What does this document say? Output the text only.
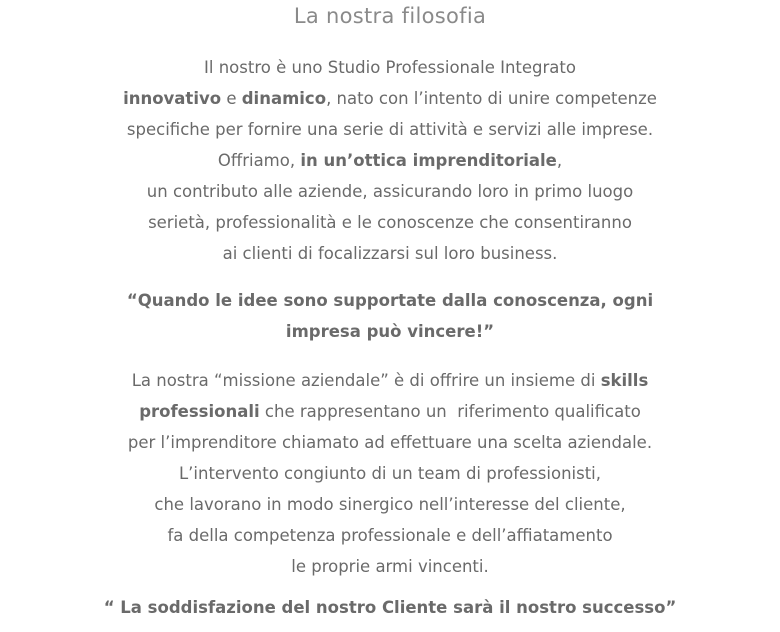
La nostra filosofia

Il nostro è uno Studio Professionale Integrato
innovativo e dinamico, nato con l’intento di unire competenze
specifiche per fornire una serie di attività e servizi alle imprese.
Offriamo, in un’ottica imprenditoriale,
un contributo alle aziende, assicurando loro in primo luogo
serietà, professionalità e le conoscenze che consentiranno
ai clienti di focalizzarsi sul loro business.

“Quando le idee sono supportate dalla conoscenza, ogni
impresa può vincere!”

La nostra “missione aziendale” è di offrire un insieme di skills
professionali che rappresentano un  riferimento qualificato
per l’imprenditore chiamato ad effettuare una scelta aziendale.
L’intervento congiunto di un team di professionisti,
che lavorano in modo sinergico nell’interesse del cliente,
fa della competenza professionale e dell’affiatamento
le proprie armi vincenti.

“ La soddisfazione del nostro Cliente sarà il nostro successo”
